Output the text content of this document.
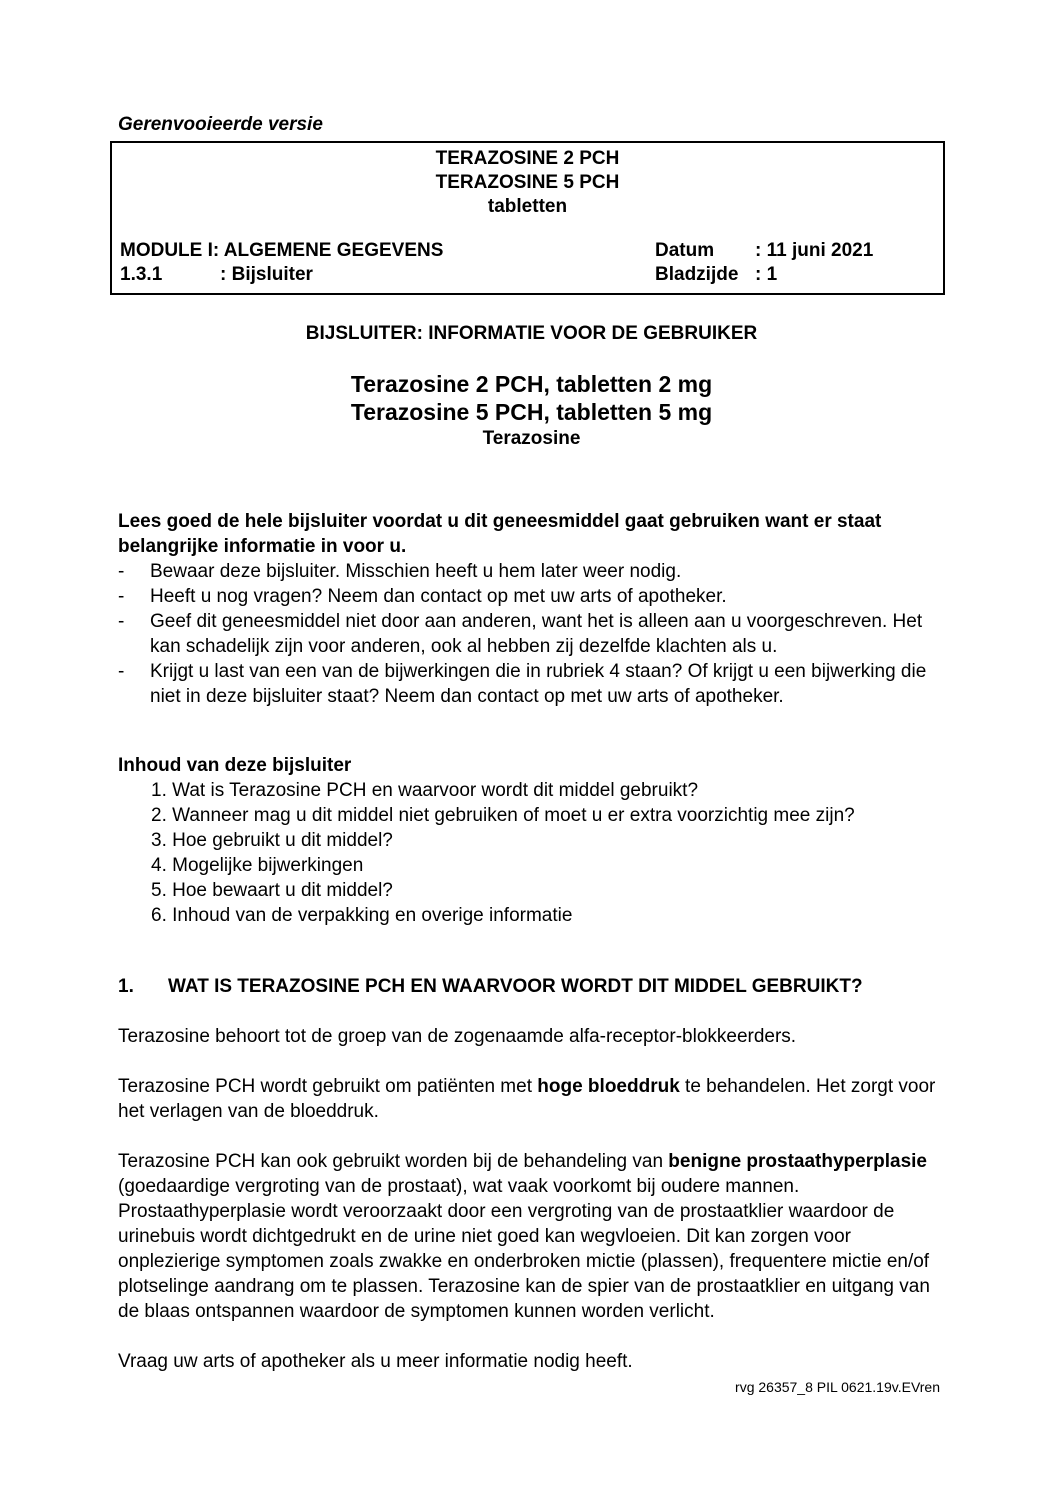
Gerenvooieerde versie
TERAZOSINE 2 PCH
TERAZOSINE 5 PCH
tabletten
MODULE I: ALGEMENE GEGEVENS	Datum	: 11 juni 2021
1.3.1	: Bijsluiter	Bladzijde : 1
BIJSLUITER: INFORMATIE VOOR DE GEBRUIKER
Terazosine 2 PCH, tabletten 2 mg
Terazosine 5 PCH, tabletten 5 mg
Terazosine
Lees goed de hele bijsluiter voordat u dit geneesmiddel gaat gebruiken want er staat belangrijke informatie in voor u.
-	Bewaar deze bijsluiter. Misschien heeft u hem later weer nodig.
-	Heeft u nog vragen? Neem dan contact op met uw arts of apotheker.
-	Geef dit geneesmiddel niet door aan anderen, want het is alleen aan u voorgeschreven. Het kan schadelijk zijn voor anderen, ook al hebben zij dezelfde klachten als u.
-	Krijgt u last van een van de bijwerkingen die in rubriek 4 staan? Of krijgt u een bijwerking die niet in deze bijsluiter staat? Neem dan contact op met uw arts of apotheker.
Inhoud van deze bijsluiter
1. Wat is Terazosine PCH en waarvoor wordt dit middel gebruikt?
2. Wanneer mag u dit middel niet gebruiken of moet u er extra voorzichtig mee zijn?
3. Hoe gebruikt u dit middel?
4. Mogelijke bijwerkingen
5. Hoe bewaart u dit middel?
6. Inhoud van de verpakking en overige informatie
1.	WAT IS TERAZOSINE PCH EN WAARVOOR WORDT DIT MIDDEL GEBRUIKT?

Terazosine behoort tot de groep van de zogenaamde alfa-receptor-blokkeerders.

Terazosine PCH wordt gebruikt om patiënten met hoge bloeddruk te behandelen. Het zorgt voor het verlagen van de bloeddruk.

Terazosine PCH kan ook gebruikt worden bij de behandeling van benigne prostaathyperplasie (goedaardige vergroting van de prostaat), wat vaak voorkomt bij oudere mannen.
Prostaathyperplasie wordt veroorzaakt door een vergroting van de prostaatklier waardoor de urinebuis wordt dichtgedrukt en de urine niet goed kan wegvloeien. Dit kan zorgen voor onplezierige symptomen zoals zwakke en onderbroken mictie (plassen), frequentere mictie en/of plotselinge aandrang om te plassen. Terazosine kan de spier van de prostaatklier en uitgang van de blaas ontspannen waardoor de symptomen kunnen worden verlicht.

Vraag uw arts of apotheker als u meer informatie nodig heeft.

rvg 26357_8 PIL 0621.19v.EVren
